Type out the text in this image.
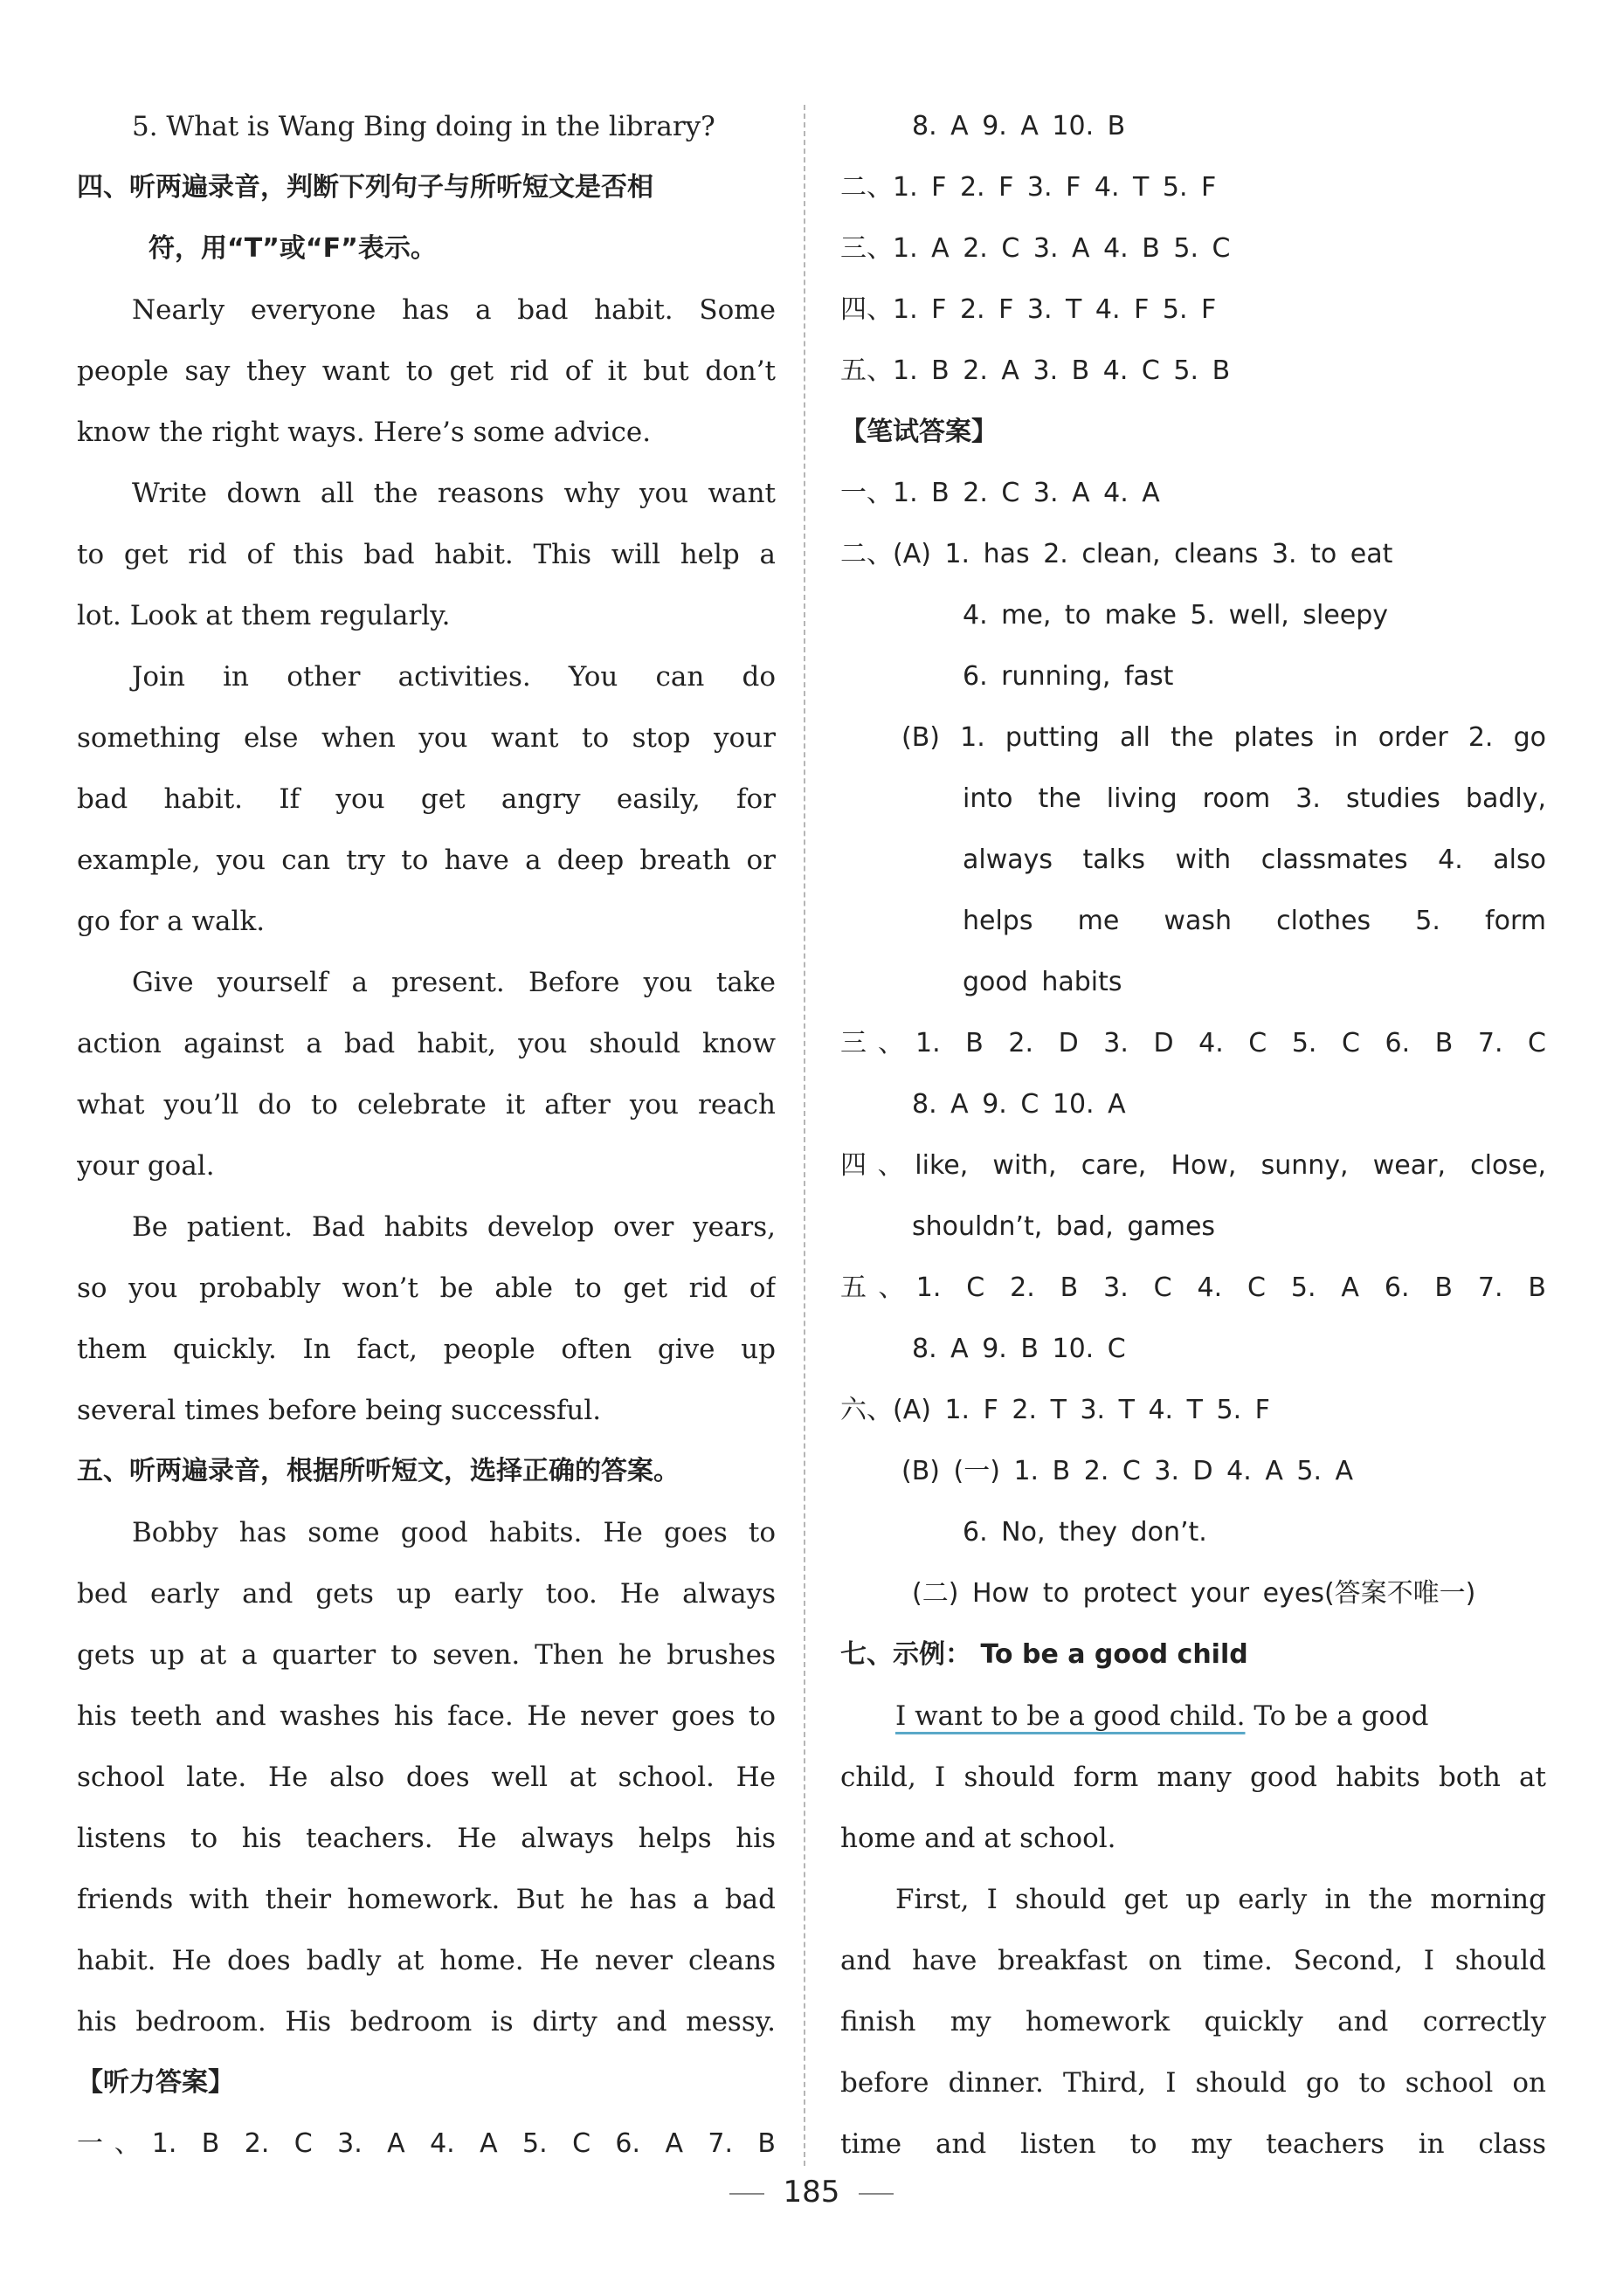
5. What is Wang Bing doing in the library?
四、听两遍录音，判断下列句子与所听短文是否相
符，用“T”或“F”表示。
Nearly everyone has a bad habit. Some
people say they want to get rid of it but don’t
know the right ways. Here’s some advice.
Write down all the reasons why you want
to get rid of this bad habit. This will help a
lot. Look at them regularly.
Join in other activities. You can do
something else when you want to stop your
bad habit. If you get angry easily, for
example, you can try to have a deep breath or
go for a walk.
Give yourself a present. Before you take
action against a bad habit, you should know
what you’ll do to celebrate it after you reach
your goal.
Be patient. Bad habits develop over years,
so you probably won’t be able to get rid of
them quickly. In fact, people often give up
several times before being successful.
五、听两遍录音，根据所听短文，选择正确的答案。
Bobby has some good habits. He goes to
bed early and gets up early too. He always
gets up at a quarter to seven. Then he brushes
his teeth and washes his face. He never goes to
school late. He also does well at school. He
listens to his teachers. He always helps his
friends with their homework. But he has a bad
habit. He does badly at home. He never cleans
his bedroom. His bedroom is dirty and messy.
【听力答案】
一、1. B 2. C 3. A 4. A 5. C 6. A 7. B
8. A 9. A 10. B
二、1. F 2. F 3. F 4. T 5. F
三、1. A 2. C 3. A 4. B 5. C
四、1. F 2. F 3. T 4. F 5. F
五、1. B 2. A 3. B 4. C 5. B
【笔试答案】
一、1. B 2. C 3. A 4. A
二、(A) 1. has 2. clean, cleans 3. to eat
4. me, to make 5. well, sleepy
6. running, fast
(B) 1. putting all the plates in order 2. go
into the living room 3. studies badly,
always talks with classmates 4. also
helps me wash clothes 5. form
good habits
三、1. B 2. D 3. D 4. C 5. C 6. B 7. C
8. A 9. C 10. A
四、like, with, care, How, sunny, wear, close,
shouldn’t, bad, games
五、1. C 2. B 3. C 4. C 5. A 6. B 7. B
8. A 9. B 10. C
六、(A) 1. F 2. T 3. T 4. T 5. F
(B) (一) 1. B 2. C 3. D 4. A 5. A
6. No, they don’t.
(二) How to protect your eyes(答案不唯一)
七、示例： To be a good child
I want to be a good child. To be a good
child, I should form many good habits both at
home and at school.
First, I should get up early in the morning
and have breakfast on time. Second, I should
finish my homework quickly and correctly
before dinner. Third, I should go to school on
time and listen to my teachers in class
185
